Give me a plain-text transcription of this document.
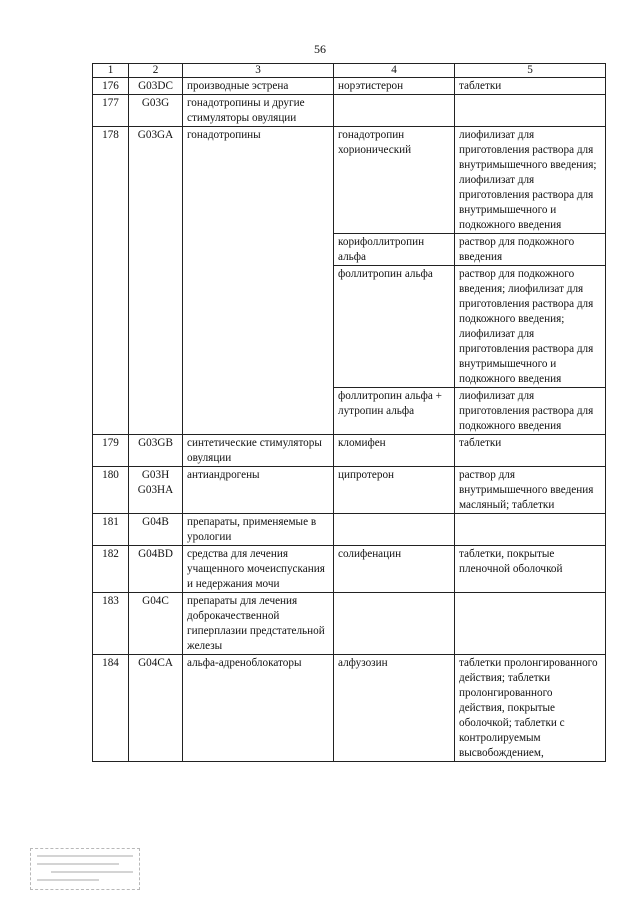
56
1	2	3	4	5
176	G03DC	производные эстрена	норэтистерон	таблетки
177	G03G	гонадотропины и другие стимуляторы овуляции		
178	G03GA	гонадотропины	гонадотропин хорионический	лиофилизат для приготовления раствора для внутримышечного введения; лиофилизат для приготовления раствора для внутримышечного и подкожного введения
			корифоллитропин альфа	раствор для подкожного введения
			фоллитропин альфа	раствор для подкожного введения; лиофилизат для приготовления раствора для подкожного введения; лиофилизат для приготовления раствора для внутримышечного и подкожного введения
			фоллитропин альфа + лутропин альфа	лиофилизат для приготовления раствора для подкожного введения
179	G03GB	синтетические стимуляторы овуляции	кломифен	таблетки
180	G03H G03HA	антиандрогены	ципротерон	раствор для внутримышечного введения масляный; таблетки
181	G04B	препараты, применяемые в урологии		
182	G04BD	средства для лечения учащенного мочеиспускания и недержания мочи	солифенацин	таблетки, покрытые пленочной оболочкой
183	G04C	препараты для лечения доброкачественной гиперплазии предстательной железы		
184	G04CA	альфа-адреноблокаторы	алфузозин	таблетки пролонгированного действия; таблетки пролонгированного действия, покрытые оболочкой; таблетки с контролируемым высвобождением,
